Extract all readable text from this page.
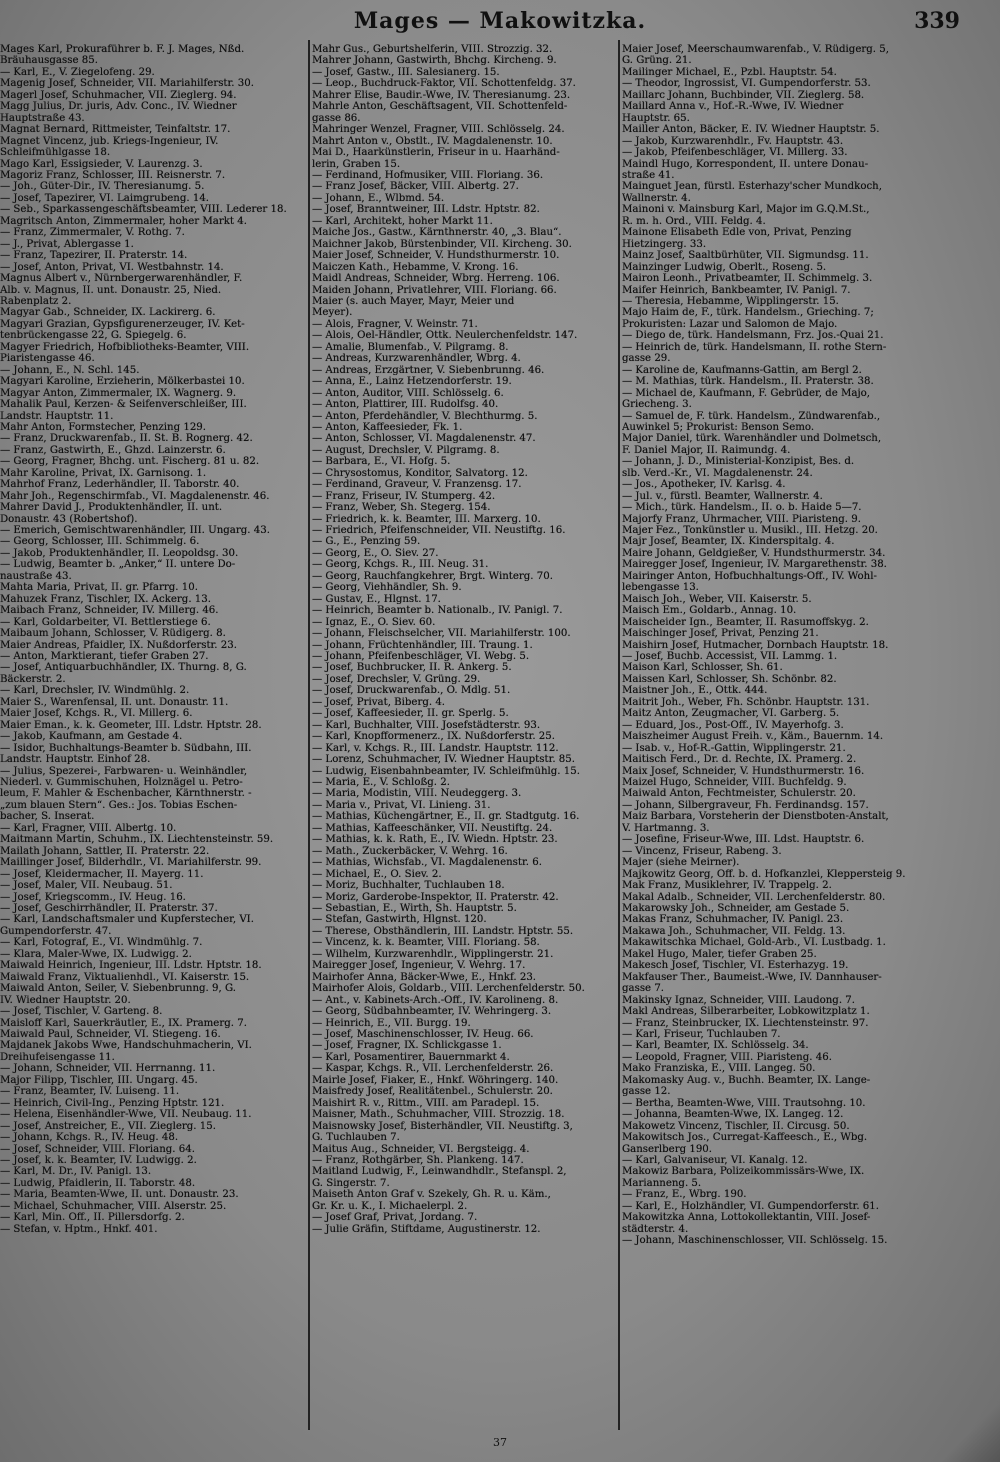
Mages — Makowitzka.	339
Mages Karl, Prokuraführer b. F. J. Mages, Nßd.
Bräuhausgasse 85.
— Karl, E., V. Ziegelofeng. 29.
Magenig Josef, Schneider, VII. Mariahilferstr. 30.
Magerl Josef, Schuhmacher, VII. Zieglerg. 94.
Magg Julius, Dr. juris, Adv. Conc., IV. Wiedner
Hauptstraße 43.
Magnat Bernard, Rittmeister, Teinfaltstr. 17.
Magnet Vincenz, jub. Kriegs-Ingenieur, IV.
Schleifmühlgasse 18.
Mago Karl, Essigsieder, V. Laurenzg. 3.
Magoriz Franz, Schlosser, III. Reisnerstr. 7.
— Joh., Güter-Dir., IV. Theresianumg. 5.
— Josef, Tapezirer, VI. Laimgrubeng. 14.
— Seb., Sparkassengeschäftsbeamter, VIII. Lederer 18.
Magritsch Anton, Zimmermaler, hoher Markt 4.
— Franz, Zimmermaler, V. Rothg. 7.
— J., Privat, Ablergasse 1.
— Franz, Tapezirer, II. Praterstr. 14.
— Josef, Anton, Privat, VI. Westbahnstr. 14.
Magnus Albert v., Nürnbergerwarenhändler, F.
Alb. v. Magnus, II. unt. Donaustr. 25, Nied.
Rabenplatz 2.
Magyar Gab., Schneider, IX. Lackirerg. 6.
Magyari Grazian, Gypsfigurenerzeuger, IV. Ket-
tenbrückengasse 22, G. Spiegelg. 6.
Magyer Friedrich, Hofbibliotheks-Beamter, VIII.
Piaristengasse 46.
— Johann, E., N. Schl. 145.
Magyari Karoline, Erzieherin, Mölkerbastei 10.
Magyar Anton, Zimmermaler, IX. Wagnerg. 9.
Mahalik Paul, Kerzen- & Seifenverschleißer, III.
Landstr. Hauptstr. 11.
Mahr Anton, Formstecher, Penzing 129.
— Franz, Druckwarenfab., II. St. B. Rognerg. 42.
— Franz, Gastwirth, E., Ghzd. Lainzerstr. 6.
— Georg, Fragner, Bhchg. unt. Fischerg. 81 u. 82.
Mahr Karoline, Privat, IX. Garnisong. 1.
Mahrhof Franz, Lederhändler, II. Taborstr. 40.
Mahr Joh., Regenschirmfab., VI. Magdalenenstr. 46.
Mahrer David J., Produktenhändler, II. unt.
Donaustr. 43 (Robertshof).
— Emerich, Gemischtwarenhändler, III. Ungarg. 43.
— Georg, Schlosser, III. Schimmelg. 6.
— Jakob, Produktenhändler, II. Leopoldsg. 30.
— Ludwig, Beamter b. „Anker,“ II. untere Do-
naustraße 43.
Mahta Maria, Privat, II. gr. Pfarrg. 10.
Mahuzek Franz, Tischler, IX. Ackerg. 13.
Maibach Franz, Schneider, IV. Millerg. 46.
— Karl, Goldarbeiter, VI. Bettlerstiege 6.
Maibaum Johann, Schlosser, V. Rüdigerg. 8.
Maier Andreas, Pfaidler, IX. Nußdorferstr. 23.
— Anton, Marktierant, tiefer Graben 27.
— Josef, Antiquarbuchhändler, IX. Thurng. 8, G.
Bäckerstr. 2.
— Karl, Drechsler, IV. Windmühlg. 2.
Maier S., Warenfensal, II. unt. Donaustr. 11.
Maier Josef, Kchgs. R., VI. Millerg. 6.
Maier Eman., k. k. Geometer, III. Ldstr. Hptstr. 28.
— Jakob, Kaufmann, am Gestade 4.
— Isidor, Buchhaltungs-Beamter b. Südbahn, III.
Landstr. Hauptstr. Einhof 28.
— Julius, Spezerei-, Farbwaren- u. Weinhändler,
Niederl. v. Gummischuhen, Holznägel u. Petro-
leum, F. Mahler & Eschenbacher, Kärnthnerstr. -
„zum blauen Stern“. Ges.: Jos. Tobias Eschen-
bacher, S. Inserat.
— Karl, Fragner, VIII. Albertg. 10.
Maitmann Martin, Schuhm., IX. Liechtensteinstr. 59.
Mailath Johann, Sattler, II. Praterstr. 22.
Maillinger Josef, Bilderhdlr., VI. Mariahilferstr. 99.
— Josef, Kleidermacher, II. Mayerg. 11.
— Josef, Maler, VII. Neubaug. 51.
— Josef, Kriegscomm., IV. Heug. 16.
— Josef, Geschirrhändler, II. Praterstr. 37.
— Karl, Landschaftsmaler und Kupferstecher, VI.
Gumpendorferstr. 47.
— Karl, Fotograf, E., VI. Windmühlg. 7.
— Klara, Maler-Wwe, IX. Ludwigg. 2.
Maiwald Heinrich, Ingenieur, III. Ldstr. Hptstr. 18.
Maiwald Franz, Viktualienhdl., VI. Kaiserstr. 15.
Maiwald Anton, Seiler, V. Siebenbrunng. 9, G.
IV. Wiedner Hauptstr. 20.
— Josef, Tischler, V. Garteng. 8.
Maisloff Karl, Sauerkräutler, E., IX. Pramerg. 7.
Maiwald Paul, Schneider, VI. Stiegeng. 16.
Majdanek Jakobs Wwe, Handschuhmacherin, VI.
Dreihufeisengasse 11.
— Johann, Schneider, VII. Herrnanng. 11.
Major Filipp, Tischler, III. Ungarg. 45.
— Franz, Beamter, IV. Luiseng. 11.
— Heinrich, Civil-Ing., Penzing Hptstr. 121.
— Helena, Eisenhändler-Wwe, VII. Neubaug. 11.
— Josef, Anstreicher, E., VII. Zieglerg. 15.
— Johann, Kchgs. R., IV. Heug. 48.
— Josef, Schneider, VIII. Floriang. 64.
— Josef, k. k. Beamter, IV. Ludwigg. 2.
— Karl, M. Dr., IV. Panigl. 13.
— Ludwig, Pfaidlerin, II. Taborstr. 48.
— Maria, Beamten-Wwe, II. unt. Donaustr. 23.
— Michael, Schuhmacher, VIII. Alserstr. 25.
— Karl, Min. Off., II. Pillersdorfg. 2.
— Stefan, v. Hptm., Hnkf. 401.
Mahr Gus., Geburtshelferin, VIII. Strozzig. 32.
Mahrer Johann, Gastwirth, Bhchg. Kircheng. 9.
— Josef, Gastw., III. Salesianerg. 15.
— Leop., Buchdruck-Faktor, VII. Schottenfeldg. 37.
Mahrer Elise, Baudir.-Wwe, IV. Theresianumg. 23.
Mahrle Anton, Geschäftsagent, VII. Schottenfeld-
gasse 86.
Mahringer Wenzel, Fragner, VIII. Schlösselg. 24.
Mahrt Anton v., Obstlt., IV. Magdalenenstr. 10.
Mai D., Haarkünstlerin, Friseur in u. Haarhänd-
lerin, Graben 15.
— Ferdinand, Hofmusiker, VIII. Floriang. 36.
— Franz Josef, Bäcker, VIII. Albertg. 27.
— Johann, E., Wlbmd. 54.
— Josef, Branntweiner, III. Ldstr. Hptstr. 82.
— Karl, Architekt, hoher Markt 11.
Maiche Jos., Gastw., Kärnthnerstr. 40, „3. Blau“.
Maichner Jakob, Bürstenbinder, VII. Kircheng. 30.
Maier Josef, Schneider, V. Hundsthurmerstr. 10.
Maiczen Kath., Hebamme, V. Krong. 16.
Maidl Andreas, Schneider, Wbrg. Herreng. 106.
Maiden Johann, Privatlehrer, VIII. Floriang. 66.
Maier (s. auch Mayer, Mayr, Meier und
Meyer).
— Alois, Fragner, V. Weinstr. 71.
— Alois, Oel-Händler, Ottk. Neulerchenfeldstr. 147.
— Amalie, Blumenfab., V. Pilgramg. 8.
— Andreas, Kurzwarenhändler, Wbrg. 4.
— Andreas, Erzgärtner, V. Siebenbrunng. 46.
— Anna, E., Lainz Hetzendorferstr. 19.
— Anton, Auditor, VIII. Schlösselg. 6.
— Anton, Plattirer, III. Rudolfsg. 40.
— Anton, Pferdehändler, V. Blechthurmg. 5.
— Anton, Kaffeesieder, Fk. 1.
— Anton, Schlosser, VI. Magdalenenstr. 47.
— August, Drechsler, V. Pilgramg. 8.
— Barbara, E., VI. Hofg. 5.
— Chrysostomus, Konditor, Salvatorg. 12.
— Ferdinand, Graveur, V. Franzensg. 17.
— Franz, Friseur, IV. Stumperg. 42.
— Franz, Weber, Sh. Stegerg. 154.
— Friedrich, k. k. Beamter, III. Marxerg. 10.
— Friedrich, Pfeifenschneider, VII. Neustiftg. 16.
— G., E., Penzing 59.
— Georg, E., O. Siev. 27.
— Georg, Kchgs. R., III. Neug. 31.
— Georg, Rauchfangkehrer, Brgt. Winterg. 70.
— Georg, Viehhändler, Sh. 9.
— Gustav, E., Hlgnst. 17.
— Heinrich, Beamter b. Nationalb., IV. Panigl. 7.
— Ignaz, E., O. Siev. 60.
— Johann, Fleischselcher, VII. Mariahilferstr. 100.
— Johann, Früchtenhändler, III. Traung. 1.
— Johann, Pfeifenbeschläger, VI. Webg. 5.
— Josef, Buchbrucker, II. R. Ankerg. 5.
— Josef, Drechsler, V. Grüng. 29.
— Josef, Druckwarenfab., O. Mdlg. 51.
— Josef, Privat, Biberg. 4.
— Josef, Kaffeesieder, II. gr. Sperlg. 5.
— Karl, Buchhalter, VIII. Josefstädterstr. 93.
— Karl, Knopfformenerz., IX. Nußdorferstr. 25.
— Karl, v. Kchgs. R., III. Landstr. Hauptstr. 112.
— Lorenz, Schuhmacher, IV. Wiedner Hauptstr. 85.
— Ludwig, Eisenbahnbeamter, IV. Schleifmühlg. 15.
— Maria, E., V. Schloßg. 2.
— Maria, Modistin, VIII. Neudeggerg. 3.
— Maria v., Privat, VI. Linieng. 31.
— Mathias, Küchengärtner, E., II. gr. Stadtgutg. 16.
— Mathias, Kaffeeschänker, VII. Neustiftg. 24.
— Mathias, k. k. Rath, E., IV. Wiedn. Hptstr. 23.
— Math., Zuckerbäcker, V. Wehrg. 16.
— Mathias, Wichsfab., VI. Magdalenenstr. 6.
— Michael, E., O. Siev. 2.
— Moriz, Buchhalter, Tuchlauben 18.
— Moriz, Garderobe-Inspektor, II. Praterstr. 42.
— Sebastian, E., Wirth, Sh. Hauptstr. 5.
— Stefan, Gastwirth, Hlgnst. 120.
— Therese, Obsthändlerin, III. Landstr. Hptstr. 55.
— Vincenz, k. k. Beamter, VIII. Floriang. 58.
— Wilhelm, Kurzwarenhdlr., Wipplingerstr. 21.
Mairegger Josef, Ingenieur, V. Wehrg. 17.
Mairhofer Anna, Bäcker-Wwe, E., Hnkf. 23.
Mairhofer Alois, Goldarb., VIII. Lerchenfelderstr. 50.
— Ant., v. Kabinets-Arch.-Off., IV. Karolineng. 8.
— Georg, Südbahnbeamter, IV. Wehringerg. 3.
— Heinrich, E., VII. Burgg. 19.
— Josef, Maschinenschlosser, IV. Heug. 66.
— Josef, Fragner, IX. Schlickgasse 1.
— Karl, Posamentirer, Bauernmarkt 4.
— Kaspar, Kchgs. R., VII. Lerchenfelderstr. 26.
Mairle Josef, Fiaker, E., Hnkf. Wöhringerg. 140.
Maisfredy Josef, Realitätenbel., Schulerstr. 20.
Maishirt R. v., Rittm., VIII. am Paradepl. 15.
Maisner, Math., Schuhmacher, VIII. Strozzig. 18.
Maisnowsky Josef, Bisterhändler, VII. Neustiftg. 3,
G. Tuchlauben 7.
Maitus Aug., Schneider, VI. Bergsteigg. 4.
— Franz, Rothgärber, Sh. Plankeng. 147.
Maitland Ludwig, F., Leinwandhdlr., Stefanspl. 2,
G. Singerstr. 7.
Maiseth Anton Graf v. Szekely, Gh. R. u. Käm.,
Gr. Kr. u. K., I. Michaelerpl. 2.
— Josef Graf, Privat, Jordang. 7.
— Julie Gräfin, Stiftdame, Augustinerstr. 12.
Maier Josef, Meerschaumwarenfab., V. Rüdigerg. 5,
G. Grüng. 21.
Mailinger Michael, E., Pzbl. Hauptstr. 54.
— Theodor, Ingrossist, VI. Gumpendorferstr. 53.
Maillarc Johann, Buchbinder, VII. Zieglerg. 58.
Maillard Anna v., Hof.-R.-Wwe, IV. Wiedner
Hauptstr. 65.
Mailler Anton, Bäcker, E. IV. Wiedner Hauptstr. 5.
— Jakob, Kurzwarenhdlr., Fv. Hauptstr. 43.
— Jakob, Pfeifenbeschläger, VI. Millerg. 33.
Maindl Hugo, Korrespondent, II. untere Donau-
straße 41.
Mainguet Jean, fürstl. Esterhazy'scher Mundkoch,
Wallnerstr. 4.
Mainoni v. Mainsburg Karl, Major im G.Q.M.St.,
R. m. h. Ord., VIII. Feldg. 4.
Mainone Elisabeth Edle von, Privat, Penzing
Hietzingerg. 33.
Mainz Josef, Saaltbürhüter, VII. Sigmundsg. 11.
Mainzinger Ludwig, Oberlt., Roseng. 5.
Mairon Leonh., Privatbeamter, II. Schimmelg. 3.
Maifer Heinrich, Bankbeamter, IV. Panigl. 7.
— Theresia, Hebamme, Wipplingerstr. 15.
Majo Haim de, F., türk. Handelsm., Grieching. 7;
Prokuristen: Lazar und Salomon de Majo.
— Diego de, türk. Handelsmann, Frz. Jos.-Quai 21.
— Heinrich de, türk. Handelsmann, II. rothe Stern-
gasse 29.
— Karoline de, Kaufmanns-Gattin, am Bergl 2.
— M. Mathias, türk. Handelsm., II. Praterstr. 38.
— Michael de, Kaufmann, F. Gebrüder, de Majo,
Griecheng. 3.
— Samuel de, F. türk. Handelsm., Zündwarenfab.,
Auwinkel 5; Prokurist: Benson Semo.
Major Daniel, türk. Warenhändler und Dolmetsch,
F. Daniel Major, II. Raimundg. 4.
— Johann, J. D., Ministerial-Konzipist, Bes. d.
slb. Verd.-Kr., VI. Magdalenenstr. 24.
— Jos., Apotheker, IV. Karlsg. 4.
— Jul. v., fürstl. Beamter, Wallnerstr. 4.
— Mich., türk. Handelsm., II. o. b. Haide 5—7.
Majorfy Franz, Uhrmacher, VIII. Piaristeng. 9.
Majer Fez., Tonkünstler u. Musikl., III. Hetzg. 20.
Majr Josef, Beamter, IX. Kinderspitalg. 4.
Maire Johann, Geldgießer, V. Hundsthurmerstr. 34.
Mairegger Josef, Ingenieur, IV. Margarethenstr. 38.
Mairinger Anton, Hofbuchhaltungs-Off., IV. Wohl-
lebengasse 13.
Maisch Joh., Weber, VII. Kaiserstr. 5.
Maisch Em., Goldarb., Annag. 10.
Maischeider Ign., Beamter, II. Rasumoffskyg. 2.
Maischinger Josef, Privat, Penzing 21.
Maishirn Josef, Hutmacher, Dornbach Hauptstr. 18.
— Josef, Buchb. Accessist, VII. Lammg. 1.
Maison Karl, Schlosser, Sh. 61.
Maissen Karl, Schlosser, Sh. Schönbr. 82.
Maistner Joh., E., Ottk. 444.
Maitrit Joh., Weber, Fh. Schönbr. Hauptstr. 131.
Maitz Anton, Zeugmacher, VI. Garberg. 5.
— Eduard, Jos., Post-Off., IV. Mayerhofg. 3.
Maiszheimer August Freih. v., Käm., Bauernm. 14.
— Isab. v., Hof-R.-Gattin, Wipplingerstr. 21.
Maitisch Ferd., Dr. d. Rechte, IX. Pramerg. 2.
Maix Josef, Schneider, V. Hundsthurmerstr. 16.
Maizel Hugo, Schneider, VIII. Buchfeldg. 9.
Maiwald Anton, Fechtmeister, Schulerstr. 20.
— Johann, Silbergraveur, Fh. Ferdinandsg. 157.
Maiz Barbara, Vorsteherin der Dienstboten-Anstalt,
V. Hartmanng. 3.
— Josefine, Friseur-Wwe, III. Ldst. Hauptstr. 6.
— Vincenz, Friseur, Rabeng. 3.
Majer (siehe Meirner).
Majkowitz Georg, Off. b. d. Hofkanzlei, Kleppersteig 9.
Mak Franz, Musiklehrer, IV. Trappelg. 2.
Makal Adalb., Schneider, VII. Lerchenfelderstr. 80.
Makarowsky Joh., Schneider, am Gestade 5.
Makas Franz, Schuhmacher, IV. Panigl. 23.
Makawa Joh., Schuhmacher, VII. Feldg. 13.
Makawitschka Michael, Gold-Arb., VI. Lustbadg. 1.
Makel Hugo, Maler, tiefer Graben 25.
Makesch Josef, Tischler, VI. Esterhazyg. 19.
Makfauser Ther., Baumeist.-Wwe, IV. Dannhauser-
gasse 7.
Makinsky Ignaz, Schneider, VIII. Laudong. 7.
Makl Andreas, Silberarbeiter, Lobkowitzplatz 1.
— Franz, Steinbrucker, IX. Liechtensteinstr. 97.
— Karl, Friseur, Tuchlauben 7.
— Karl, Beamter, IX. Schlösselg. 34.
— Leopold, Fragner, VIII. Piaristeng. 46.
Mako Franziska, E., VIII. Langeg. 50.
Makomasky Aug. v., Buchh. Beamter, IX. Lange-
gasse 12.
— Bertha, Beamten-Wwe, VIII. Trautsohng. 10.
— Johanna, Beamten-Wwe, IX. Langeg. 12.
Makowetz Vincenz, Tischler, II. Circusg. 50.
Makowitsch Jos., Curregat-Kaffeesch., E., Wbg.
Ganserlberg 190.
— Karl, Galvaniseur, VI. Kanalg. 12.
Makowiz Barbara, Polizeikommissärs-Wwe, IX.
Marianneng. 5.
— Franz, E., Wbrg. 190.
— Karl, E., Holzhändler, VI. Gumpendorferstr. 61.
Makowitzka Anna, Lottokollektantin, VIII. Josef-
städterstr. 4.
— Johann, Maschinenschlosser, VII. Schlösselg. 15.
37
